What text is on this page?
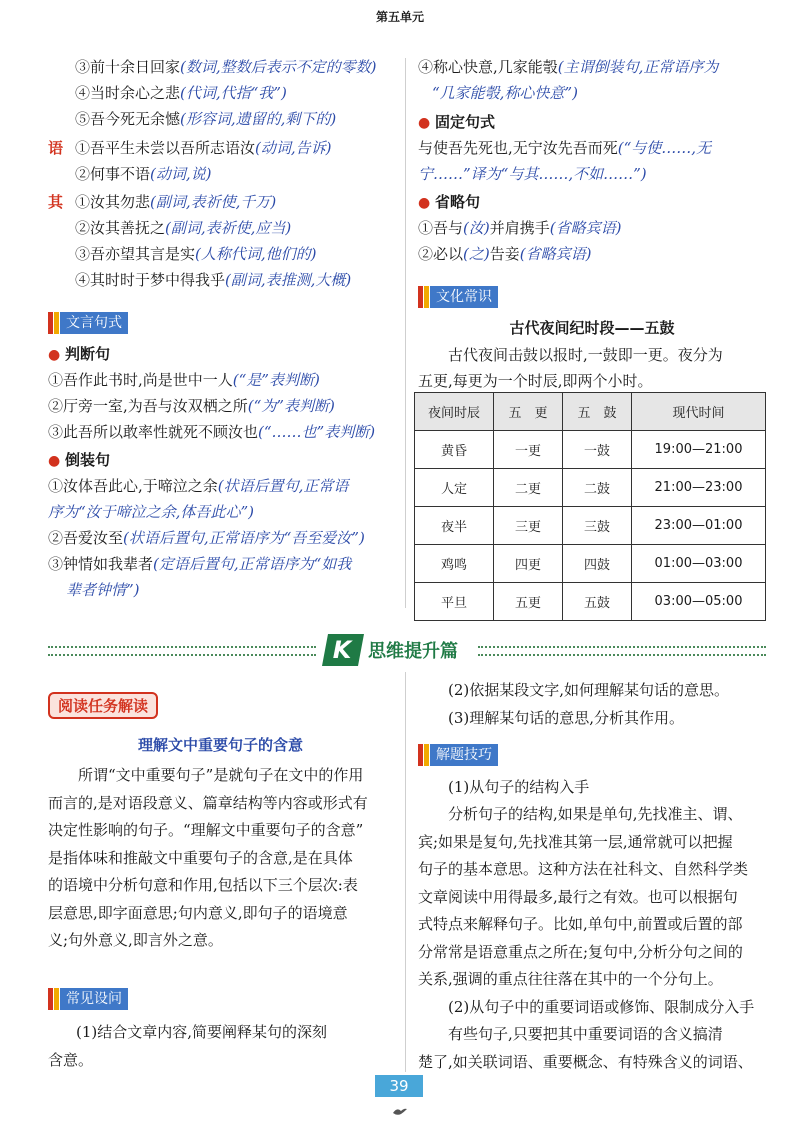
第五单元
③前十余日回家(数词,整数后表示不定的零数)
④当时余心之悲(代词,代指“我”)
⑤吾今死无余憾(形容词,遗留的,剩下的)
语 ①吾平生未尝以吾所志语汝(动词,告诉)
②何事不语(动词,说)
其 ①汝其勿悲(副词,表祈使,千万)
②汝其善抚之(副词,表祈使,应当)
③吾亦望其言是实(人称代词,他们的)
④其时时于梦中得我乎(副词,表推测,大概)
文言句式
● 判断句
①吾作此书时,尚是世中一人(“是”表判断)
②厅旁一室,为吾与汝双栖之所(“为”表判断)
③此吾所以敢率性就死不顾汝也(“……也”表判断)
● 倒装句
①汝体吾此心,于啼泣之余(状语后置句,正常语
序为“汝于啼泣之余,体吾此心”)
②吾爱汝至(状语后置句,正常语序为“吾至爱汝”)
③钟情如我辈者(定语后置句,正常语序为“如我
辈者钟情”)
④称心快意,几家能彀(主谓倒装句,正常语序为
“几家能彀,称心快意”)
● 固定句式
与使吾先死也,无宁汝先吾而死(“与使……,无
宁……”译为“与其……,不如……”)
● 省略句
①吾与(汝)并肩携手(省略宾语)
②必以(之)告妾(省略宾语)
文化常识
古代夜间纪时段——五鼓
古代夜间击鼓以报时,一鼓即一更。夜分为
五更,每更为一个时辰,即两个小时。
夜间时辰	五　更	五　鼓	现代时间
黄昏	一更	一鼓	19:00—21:00
人定	二更	二鼓	21:00—23:00
夜半	三更	三鼓	23:00—01:00
鸡鸣	四更	四鼓	01:00—03:00
平旦	五更	五鼓	03:00—05:00
K 思维提升篇
阅读任务解读
理解文中重要句子的含意
所谓“文中重要句子”是就句子在文中的作用
而言的,是对语段意义、篇章结构等内容或形式有
决定性影响的句子。“理解文中重要句子的含意”
是指体味和推敲文中重要句子的含意,是在具体
的语境中分析句意和作用,包括以下三个层次:表
层意思,即字面意思;句内意义,即句子的语境意
义;句外意义,即言外之意。
常见设问
(1)结合文章内容,简要阐释某句的深刻
含意。
(2)依据某段文字,如何理解某句话的意思。
(3)理解某句话的意思,分析其作用。
解题技巧
(1)从句子的结构入手
分析句子的结构,如果是单句,先找准主、谓、
宾;如果是复句,先找准其第一层,通常就可以把握
句子的基本意思。这种方法在社科文、自然科学类
文章阅读中用得最多,最行之有效。也可以根据句
式特点来解释句子。比如,单句中,前置或后置的部
分常常是语意重点之所在;复句中,分析分句之间的
关系,强调的重点往往落在其中的一个分句上。
(2)从句子中的重要词语或修饰、限制成分入手
有些句子,只要把其中重要词语的含义搞清
楚了,如关联词语、重要概念、有特殊含义的词语、
39
